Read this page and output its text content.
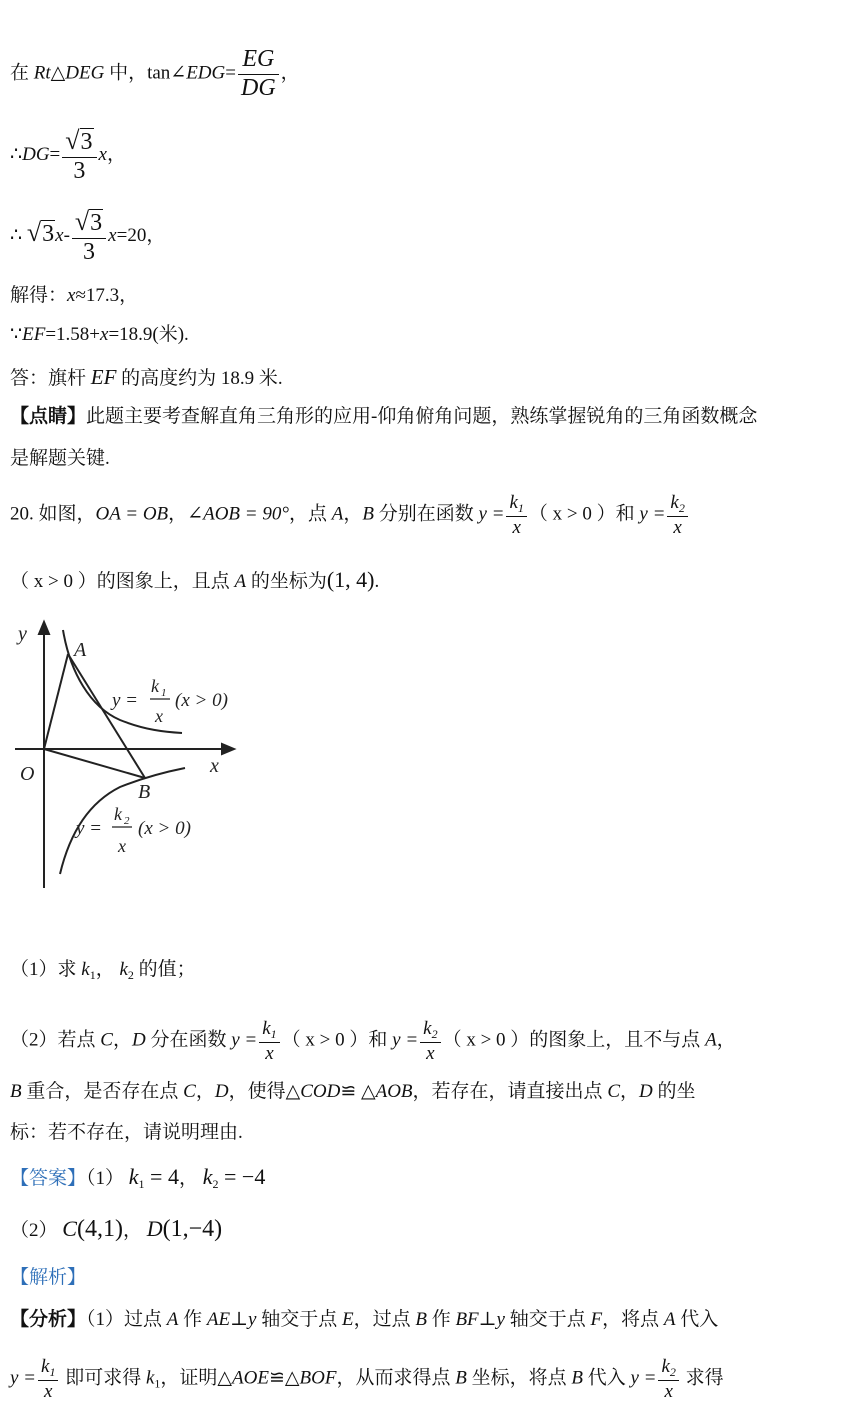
在 Rt△DEG 中，tan∠EDG= $\frac{EG}{DG}$ ，
∴DG= $\frac{√3}{3}$ x，
∴ $√3x- \frac{√3}{3} x=20$，
解得：x≈17.3，
∵EF=1.58+x=18.9(米).
答：旗杆 EF 的高度约为 18.9 米.
【点睛】此题主要考查解直角三角形的应用-仰角俯角问题，熟练掌握锐角的三角函数概念
是解题关键.
20. 如图，OA = OB，∠AOB = 90°，点 A，B 分别在函数 $y = \frac{k_1}{x}$ （ x > 0 ）和 $y = \frac{k_2}{x}$
（ x > 0 ）的图象上，且点 A 的坐标为(1, 4).
y
x
O
A
B
y =
k 1
x
(x > 0)
y =
k 2
x
(x > 0)
（1）求 $k_1$， $k_2$ 的值；
（2）若点 C，D 分在函数 $y = \frac{k_1}{x}$ （ x > 0 ）和 $y = \frac{k_2}{x}$ （ x > 0 ）的图象上，且不与点 A，
B 重合，是否存在点 C，D，使得△COD≌ △AOB，若存在，请直接出点 C，D 的坐
标：若不存在，请说明理由.
【答案】（1） $k_1 = 4$， $k_2 = -4$
（2） C(4,1)， D(1,−4)
【解析】
【分析】（1）过点 A 作 AE⊥y 轴交于点 E，过点 B 作 BF⊥y 轴交于点 F，将点 A 代入
$y = \frac{k_1}{x}$ 即可求得 $k_1$，证明△AOE≌△BOF，从而求得点 B 坐标，将点 B 代入 $y = \frac{k_2}{x}$ 求得
